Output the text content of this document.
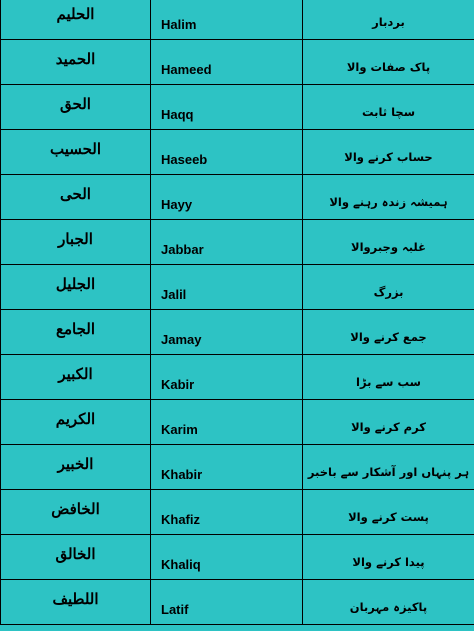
الحلیم	Halim	بردبار
الحمید	Hameed	پاک صفات والا
الحق	Haqq	سچا ثابت
الحسیب	Haseeb	حساب کرنے والا
الحی	Hayy	ہمیشہ زندہ رہنے والا
الجبار	Jabbar	غلبہ وجبروالا
الجلیل	Jalil	بزرگ
الجامع	Jamay	جمع کرنے والا
الکبیر	Kabir	سب سے بڑا
الکریم	Karim	کرم کرنے والا
الخبیر	Khabir	ہر پنہاں اور آشکار سے باخبر
الخافض	Khafiz	پست کرنے والا
الخالق	Khaliq	پیدا کرنے والا
اللطیف	Latif	پاکیزہ مہربان
